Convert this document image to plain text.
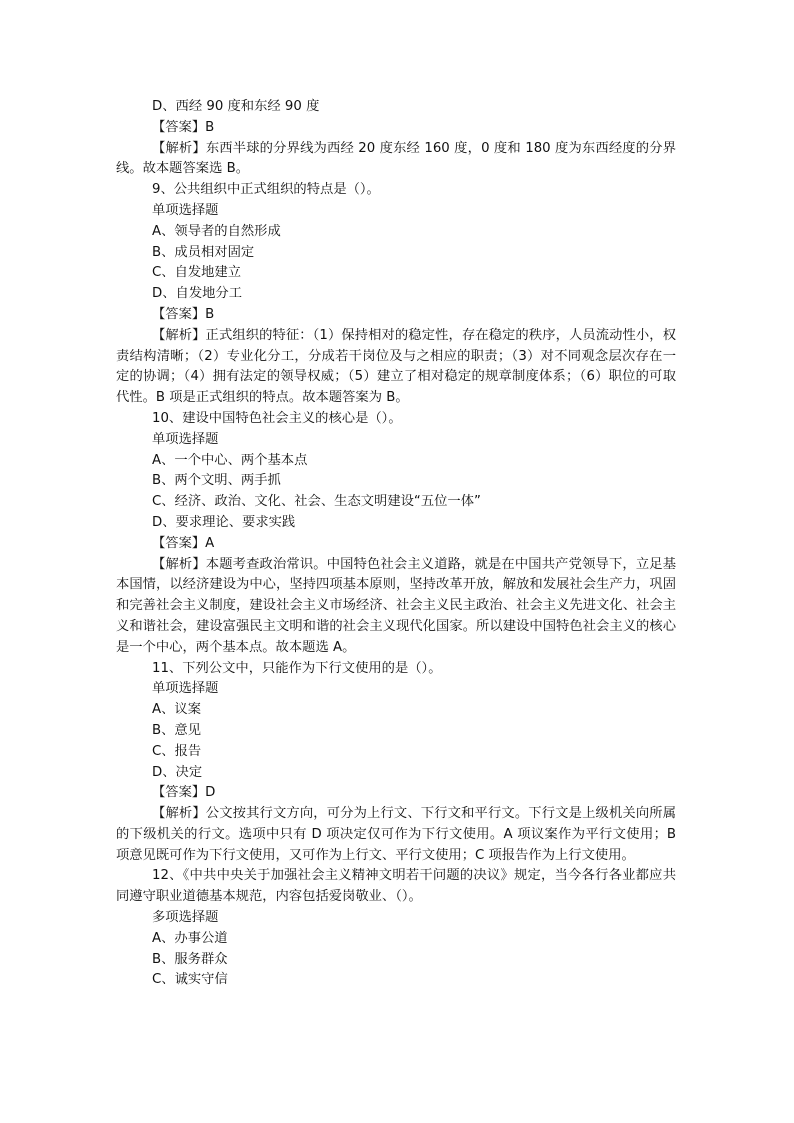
D、西经 90 度和东经 90 度
【答案】B

【解析】东西半球的分界线为西经 20 度东经 160 度，0 度和 180 度为东西经度的分界线。故本题答案选 B。

9、公共组织中正式组织的特点是（）。
单项选择题
A、领导者的自然形成
B、成员相对固定
C、自发地建立
D、自发地分工
【答案】B

【解析】正式组织的特征：（1）保持相对的稳定性，存在稳定的秩序，人员流动性小，权责结构清晰；（2）专业化分工，分成若干岗位及与之相应的职责；（3）对不同观念层次存在一定的协调；（4）拥有法定的领导权威；（5）建立了相对稳定的规章制度体系；（6）职位的可取代性。B 项是正式组织的特点。故本题答案为 B。

10、建设中国特色社会主义的核心是（）。
单项选择题
A、一个中心、两个基本点
B、两个文明、两手抓
C、经济、政治、文化、社会、生态文明建设“五位一体”
D、要求理论、要求实践
【答案】A

【解析】本题考查政治常识。中国特色社会主义道路，就是在中国共产党领导下，立足基本国情，以经济建设为中心，坚持四项基本原则，坚持改革开放，解放和发展社会生产力，巩固和完善社会主义制度，建设社会主义市场经济、社会主义民主政治、社会主义先进文化、社会主义和谐社会，建设富强民主文明和谐的社会主义现代化国家。所以建设中国特色社会主义的核心是一个中心，两个基本点。故本题选 A。

11、下列公文中，只能作为下行文使用的是（）。
单项选择题
A、议案
B、意见
C、报告
D、决定
【答案】D

【解析】公文按其行文方向，可分为上行文、下行文和平行文。下行文是上级机关向所属的下级机关的行文。选项中只有 D 项决定仅可作为下行文使用。A 项议案作为平行文使用；B 项意见既可作为下行文使用，又可作为上行文、平行文使用；C 项报告作为上行文使用。

12、《中共中央关于加强社会主义精神文明若干问题的决议》规定，当今各行各业都应共同遵守职业道德基本规范，内容包括爱岗敬业、（）。

多项选择题
A、办事公道
B、服务群众
C、诚实守信
